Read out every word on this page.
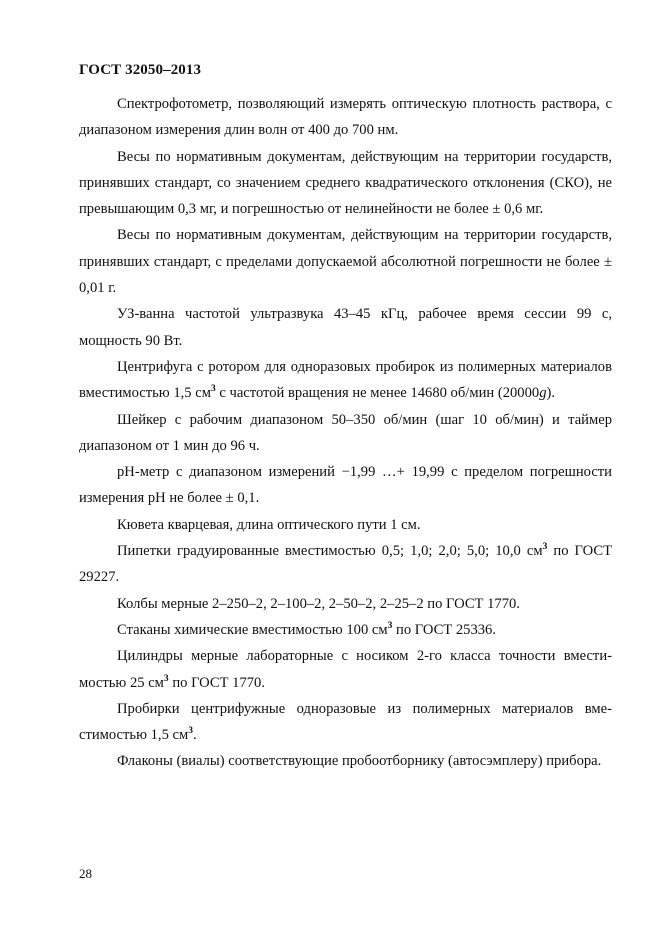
ГОСТ 32050–2013

Спектрофотометр, позволяющий измерять оптическую плотность раствора, с диапазоном измерения длин волн от 400 до 700 нм.

Весы по нормативным документам, действующим на территории государств, принявших стандарт, со значением среднего квадратического отклонения (СКО), не превышающим 0,3 мг, и погрешностью от нелинейности не более ± 0,6 мг.

Весы по нормативным документам, действующим на территории государств, принявших стандарт, с пределами допускаемой абсолютной погрешности не более ± 0,01 г.

УЗ-ванна частотой ультразвука 43–45 кГц, рабочее время сессии 99 с, мощность 90 Вт.

Центрифуга с ротором для одноразовых пробирок из полимерных материалов вместимостью 1,5 $см^3$ с частотой вращения не менее 14680 об/мин (20000g).

Шейкер с рабочим диапазоном 50–350 об/мин (шаг 10 об/мин) и таймер диапазоном от 1 мин до 96 ч.

рН-метр с диапазоном измерений −1,99 …+ 19,99 с пределом погрешности измерения рН не более ± 0,1.

Кювета кварцевая, длина оптического пути 1 см.

Пипетки градуированные вместимостью 0,5; 1,0; 2,0; 5,0; 10,0 $см^3$ по ГОСТ 29227.

Колбы мерные 2–250–2, 2–100–2, 2–50–2, 2–25–2 по ГОСТ 1770.

Стаканы химические вместимостью 100 $см^3$ по ГОСТ 25336.

Цилиндры мерные лабораторные с носиком 2-го класса точности вместимостью 25 $см^3$ по ГОСТ 1770.

Пробирки центрифужные одноразовые из полимерных материалов вместимостью 1,5 $см^3$.

Флаконы (виалы) соответствующие пробоотборнику (автосэмплеру) прибора.

28
